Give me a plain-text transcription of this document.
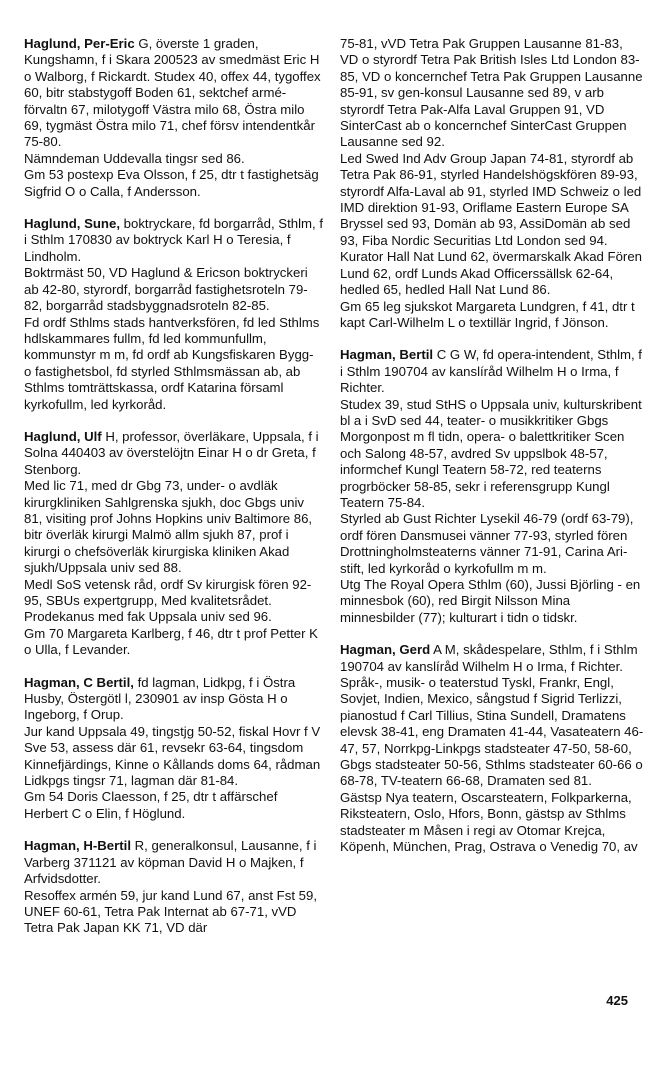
Haglund, Per-Eric G, överste 1 graden, Kungshamn, f i Skara 200523 av smedmäst Eric H o Walborg, f Rickardt. Studex 40, offex 44, tygoffex 60, bitr stabstygoff Boden 61, sektchef armé-förvaltn 67, milotygoff Västra milo 68, Östra milo 69, tygmäst Östra milo 71, chef försv intendentkår 75-80.

Nämndeman Uddevalla tingsr sed 86.

Gm 53 postexp Eva Olsson, f 25, dtr t fastighetsäg Sigfrid O o Calla, f Andersson.

Haglund, Sune, boktryckare, fd borgarråd, Sthlm, f i Sthlm 170830 av boktryck Karl H o Teresia, f Lindholm.

Boktrmäst 50, VD Haglund & Ericson boktryckeri ab 42-80, styrordf, borgarråd fastighetsroteln 79-82, borgarråd stadsbyggnadsroteln 82-85.

Fd ordf Sthlms stads hantverksfören, fd led Sthlms hdlskammares fullm, fd led kommunfullm, kommunstyr m m, fd ordf ab Kungsfiskaren Bygg- o fastighetsbol, fd styrled Sthlmsmässan ab, ab Sthlms tomträttskassa, ordf Katarina församl kyrkofullm, led kyrkoråd.

Haglund, Ulf H, professor, överläkare, Uppsala, f i Solna 440403 av överstelöjtn Einar H o dr Greta, f Stenborg.

Med lic 71, med dr Gbg 73, under- o avdläk kirurgkliniken Sahlgrenska sjukh, doc Gbgs univ 81, visiting prof Johns Hopkins univ Baltimore 86, bitr överläk kirurgi Malmö allm sjukh 87, prof i kirurgi o chefsöverläk kirurgiska kliniken Akad sjukh/Uppsala univ sed 88.

Medl SoS vetensk råd, ordf Sv kirurgisk fören 92-95, SBUs expertgrupp, Med kvalitetsrådet.

Prodekanus med fak Uppsala univ sed 96.

Gm 70 Margareta Karlberg, f 46, dtr t prof Petter K o Ulla, f Levander.

Hagman, C Bertil, fd lagman, Lidkpg, f i Östra Husby, Östergötl l, 230901 av insp Gösta H o Ingeborg, f Orup.

Jur kand Uppsala 49, tingstjg 50-52, fiskal Hovr f V Sve 53, assess där 61, revsekr 63-64, tingsdom Kinnefjärdings, Kinne o Kållands doms 64, rådman Lidkpgs tingsr 71, lagman där 81-84.

Gm 54 Doris Claesson, f 25, dtr t affärschef Herbert C o Elin, f Höglund.

Hagman, H-Bertil R, generalkonsul, Lausanne, f i Varberg 371121 av köpman David H o Majken, f Arfvidsdotter.

Resoffex armén 59, jur kand Lund 67, anst Fst 59, UNEF 60-61, Tetra Pak Internat ab 67-71, vVD Tetra Pak Japan KK 71, VD där

75-81, vVD Tetra Pak Gruppen Lausanne 81-83, VD o styrordf Tetra Pak British Isles Ltd London 83-85, VD o koncernchef Tetra Pak Gruppen Lausanne 85-91, sv gen-konsul Lausanne sed 89, v arb styrordf Tetra Pak-Alfa Laval Gruppen 91, VD SinterCast ab o koncernchef SinterCast Gruppen Lausanne sed 92.

Led Swed Ind Adv Group Japan 74-81, styrordf ab Tetra Pak 86-91, styrled Handelshögskfören 89-93, styrordf Alfa-Laval ab 91, styrled IMD Schweiz o led IMD direktion 91-93, Oriflame Eastern Europe SA Bryssel sed 93, Domän ab 93, AssiDomän ab sed 93, Fiba Nordic Securitias Ltd London sed 94.

Kurator Hall Nat Lund 62, övermarskalk Akad Fören Lund 62, ordf Lunds Akad Officerssällsk 62-64, hedled 65, hedled Hall Nat Lund 86.

Gm 65 leg sjukskot Margareta Lundgren, f 41, dtr t kapt Carl-Wilhelm L o textillär Ingrid, f Jönson.

Hagman, Bertil C G W, fd opera-intendent, Sthlm, f i Sthlm 190704 av kanslíråd Wilhelm H o Irma, f Richter.

Studex 39, stud StHS o Uppsala univ, kulturskribent bl a i SvD sed 44, teater- o musikkritiker Gbgs Morgonpost m fl tidn, opera- o balettkritiker Scen och Salong 48-57, avdred Sv uppslbok 48-57, informchef Kungl Teatern 58-72, red teaterns progrböcker 58-85, sekr i referensgrupp Kungl Teatern 75-84.

Styrled ab Gust Richter Lysekil 46-79 (ordf 63-79), ordf fören Dansmusei vänner 77-93, styrled fören Drottningholmsteaterns vänner 71-91, Carina Ari-stift, led kyrkoråd o kyrkofullm m m.

Utg The Royal Opera Sthlm (60), Jussi Björling - en minnesbok (60), red Birgit Nilsson Mina minnesbilder (77); kulturart i tidn o tidskr.

Hagman, Gerd A M, skådespelare, Sthlm, f i Sthlm 190704 av kanslíråd Wilhelm H o Irma, f Richter.

Språk-, musik- o teaterstud Tyskl, Frankr, Engl, Sovjet, Indien, Mexico, sångstud f Sigrid Terlizzi, pianostud f Carl Tillius, Stina Sundell, Dramatens elevsk 38-41, eng Dramaten 41-44, Vasateatern 46-47, 57, Norrkpg-Linkpgs stadsteater 47-50, 58-60, Gbgs stadsteater 50-56, Sthlms stadsteater 60-66 o 68-78, TV-teatern 66-68, Dramaten sed 81.

Gästsp Nya teatern, Oscarsteatern, Folkparkerna, Riksteatern, Oslo, Hfors, Bonn, gästsp av Sthlms stadsteater m Måsen i regi av Otomar Krejca, Köpenh, München, Prag, Ostrava o Venedig 70, av

425
